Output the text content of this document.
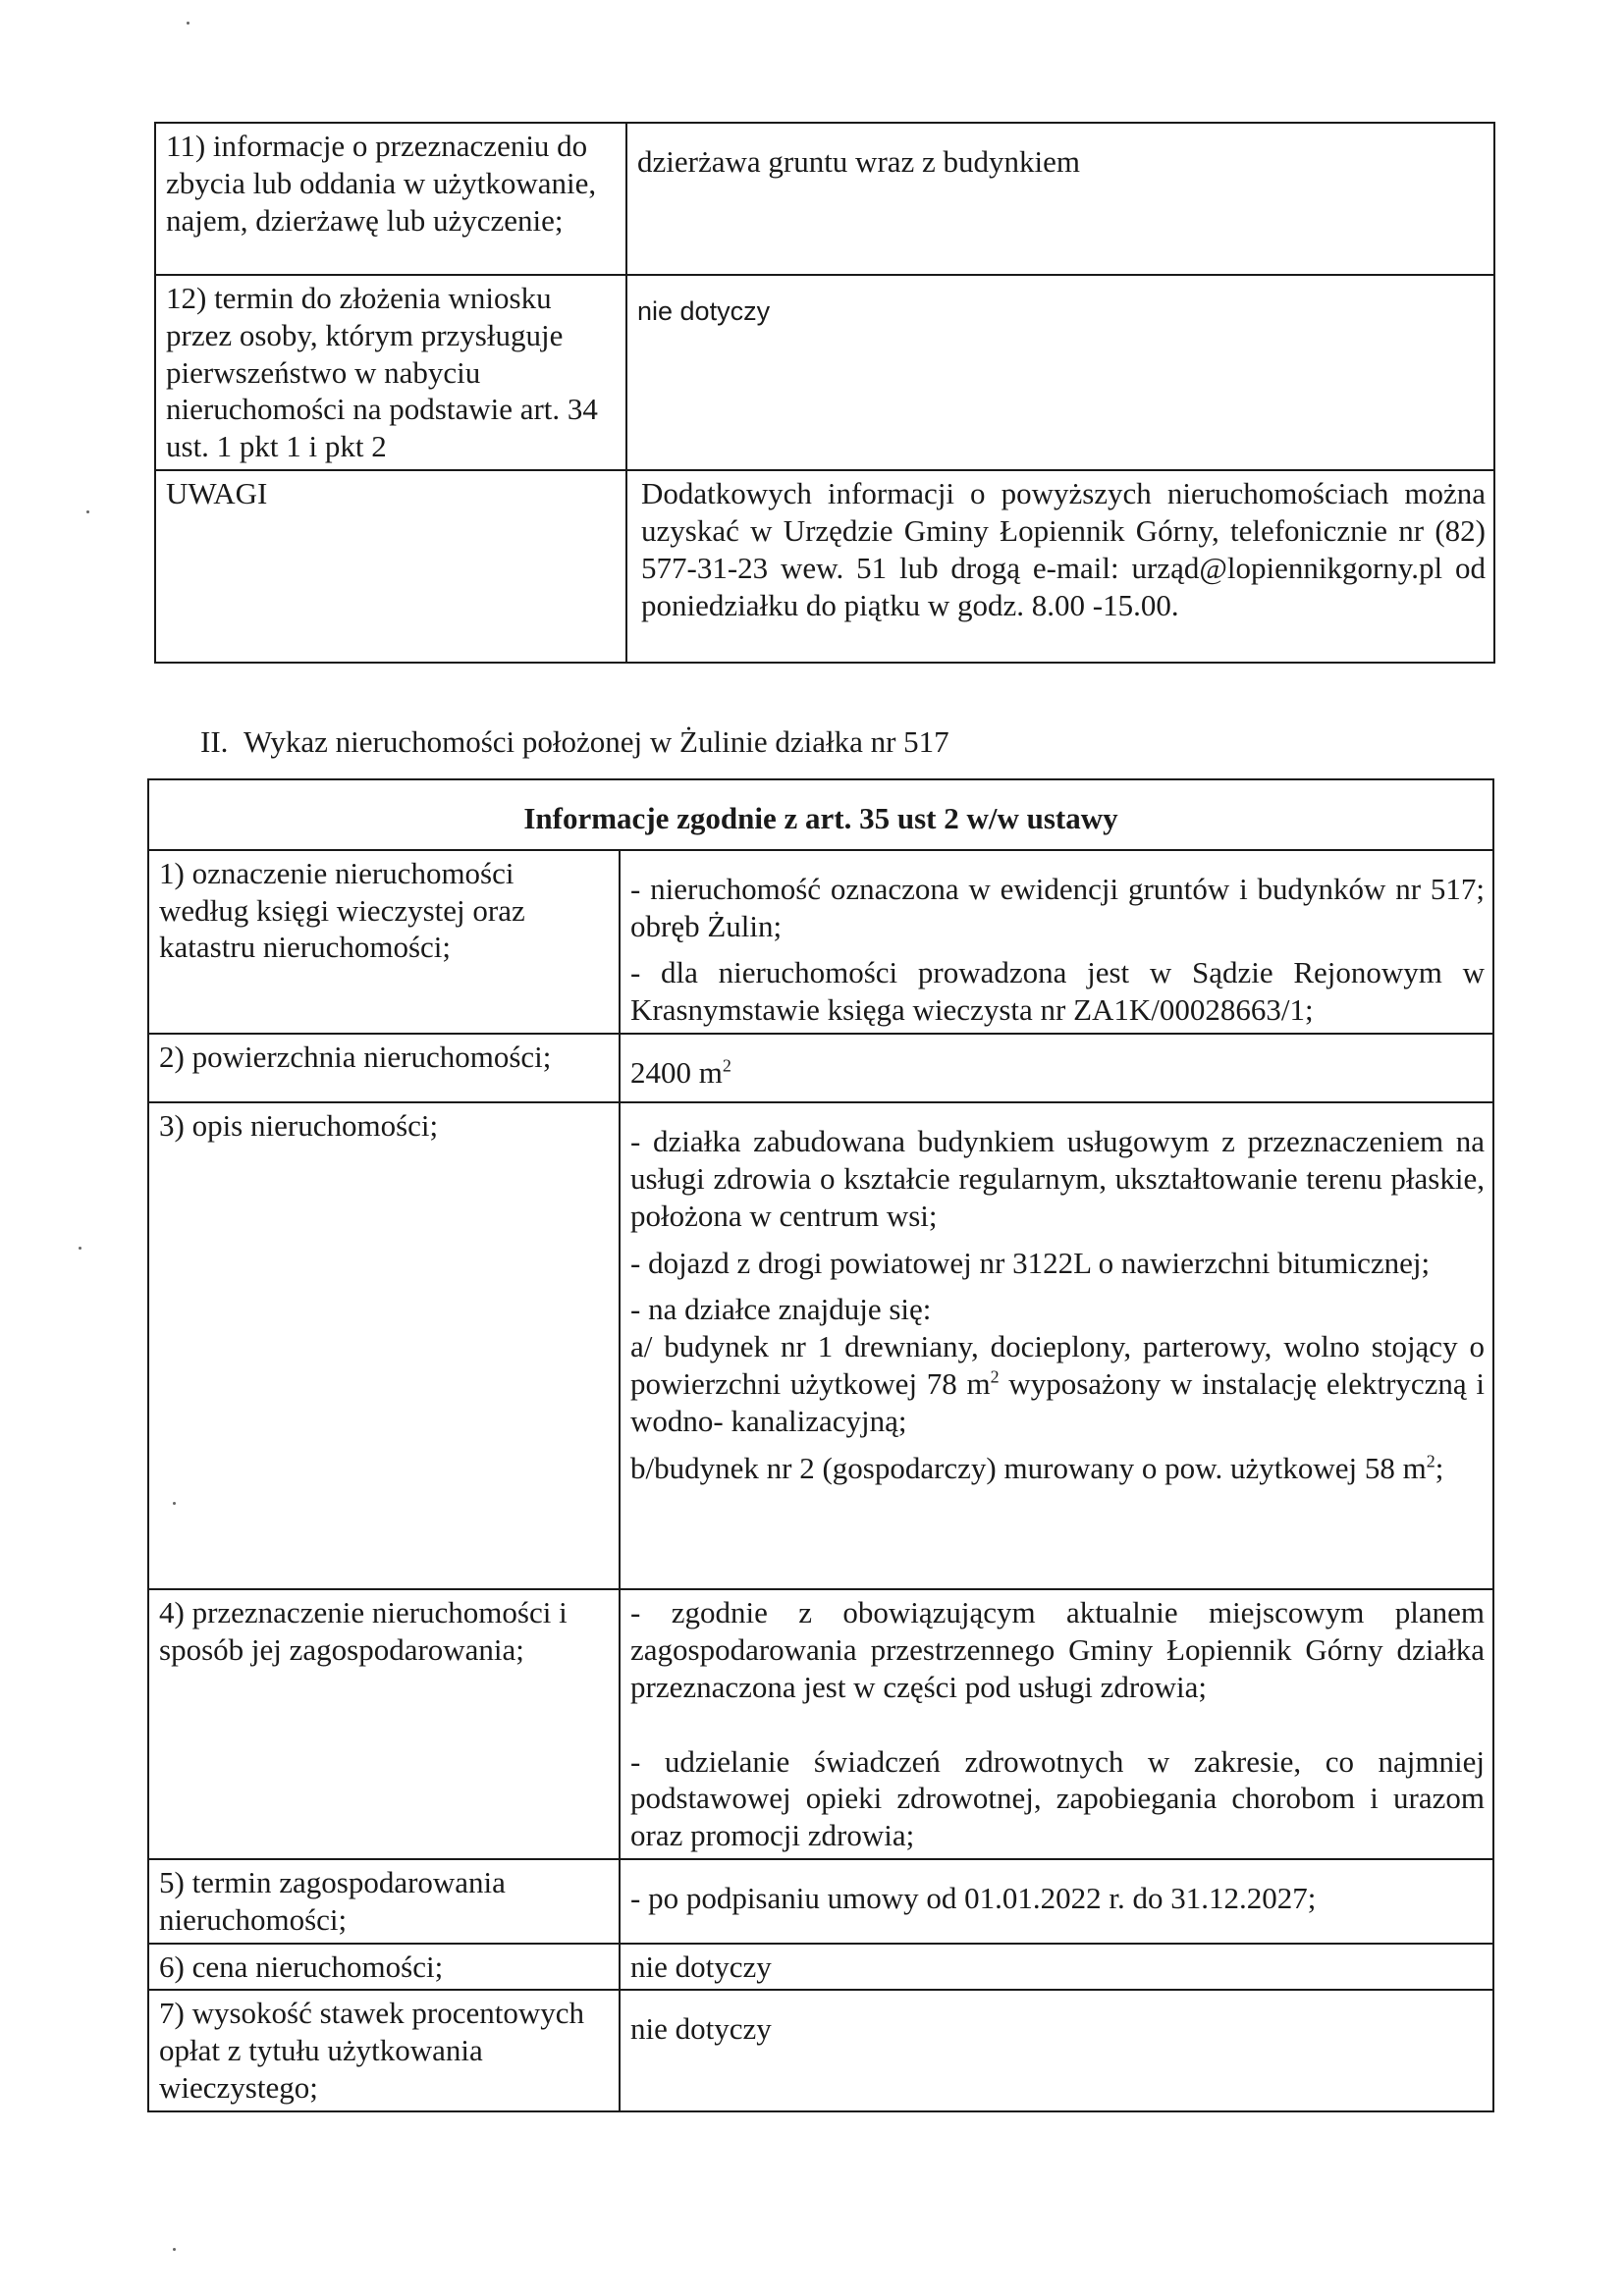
11) informacje o przeznaczeniu do zbycia lub oddania w użytkowanie, najem, dzierżawę lub użyczenie;	dzierżawa gruntu wraz z budynkiem
12) termin do złożenia wniosku przez osoby, którym przysługuje pierwszeństwo w nabyciu nieruchomości na podstawie art. 34 ust. 1 pkt 1 i pkt 2	nie dotyczy
UWAGI	Dodatkowych informacji o powyższych nieruchomościach można uzyskać w Urzędzie Gminy Łopiennik Górny, telefonicznie nr (82) 577-31-23 wew. 51 lub drogą e-mail: urząd@lopiennikgorny.pl od poniedziałku do piątku w godz. 8.00 -15.00.
II. Wykaz nieruchomości położonej w Żulinie działka nr 517
Informacje zgodnie z art. 35 ust 2 w/w ustawy	
1) oznaczenie nieruchomości według księgi wieczystej oraz katastru nieruchomości;	- nieruchomość oznaczona w ewidencji gruntów i budynków nr 517; obręb Żulin;

- dla nieruchomości prowadzona jest w Sądzie Rejonowym w Krasnymstawie księga wieczysta nr ZA1K/00028663/1;

2) powierzchnia nieruchomości;	2400 $m^2$
3) opis nieruchomości;	- działka zabudowana budynkiem usługowym z przeznaczeniem na usługi zdrowia o kształcie regularnym, ukształtowanie terenu płaskie, położona w centrum wsi;

- dojazd z drogi powiatowej nr 3122L o nawierzchni bitumicznej;

- na działce znajduje się:
a/ budynek nr 1 drewniany, docieplony, parterowy, wolno stojący o powierzchni użytkowej 78 $m^2$ wyposażony w instalację elektryczną i wodno- kanalizacyjną;

b/budynek nr 2 (gospodarczy) murowany o pow. użytkowej 58 $m^2$;

4) przeznaczenie nieruchomości i sposób jej zagospodarowania;	- zgodnie z obowiązującym aktualnie miejscowym planem zagospodarowania przestrzennego Gminy Łopiennik Górny działka przeznaczona jest w części pod usługi zdrowia;

- udzielanie świadczeń zdrowotnych w zakresie, co najmniej podstawowej opieki zdrowotnej, zapobiegania chorobom i urazom oraz promocji zdrowia;

5) termin zagospodarowania nieruchomości;	- po podpisaniu umowy od 01.01.2022 r. do 31.12.2027;
6) cena nieruchomości;	nie dotyczy
7) wysokość stawek procentowych opłat z tytułu użytkowania wieczystego;	nie dotyczy
